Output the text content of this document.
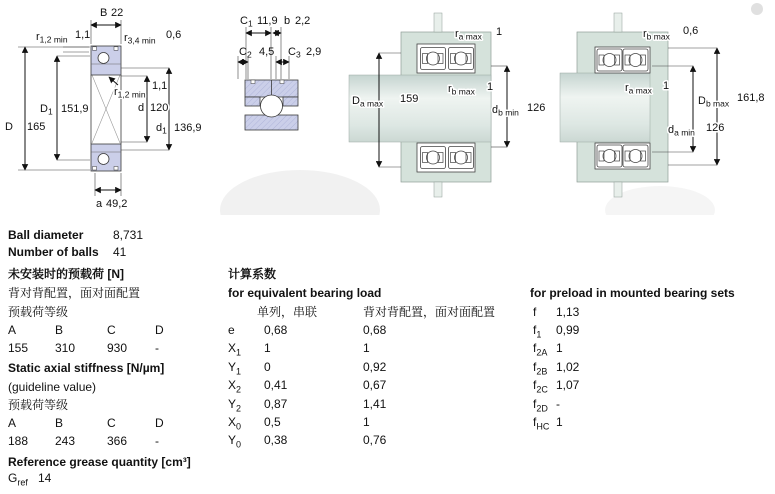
B 22
$r_{1,2 min}$ 1,1	$r_{3,4 min}$ 0,6
$D_1$ 151,9
D 165
d 120
$d_1$ 136,9
$r_{1,2 min}$
1,1
a 49,2
$C_1$ 11,9 b 2,2
$C_2$ 4,5 $C_3$ 2,9
$r_{a max}$ 1
$r_{b max}$ 1
$D_{a max}$ 159
$d_{b min}$ 126
$r_{b max}$ 0,6
$r_{a max}$ 1
$D_{b max}$ 161,8
$d_{a min}$ 126
Ball diameter 8,731
Number of balls 41
未安装时的预载荷 [N]
背对背配置，面对面配置
预载荷等级
A	B	C	D
155 310	930 -
Static axial stiffness [N/µm]
(guideline value)
预载荷等级
A	B	C	D
188 243	366 -
Reference grease quantity [cm³]
$G_{ref}$ 14
计算系数
for equivalent bearing load
单列，串联	背对背配置，面对面配置
e 0,68	0,68
$X_1$ 1	1
$Y_1$ 0	0,92
$X_2$ 0,41	0,67
$Y_2$ 0,87	1,41
$X_0$ 0,5	1
$Y_0$ 0,38	0,76
for preload in mounted bearing sets
f 1,13
$f_1$ 0,99
$f_{2A}$ 1
$f_{2B}$ 1,02
$f_{2C}$ 1,07
$f_{2D}$ -
$f_{HC}$ 1
